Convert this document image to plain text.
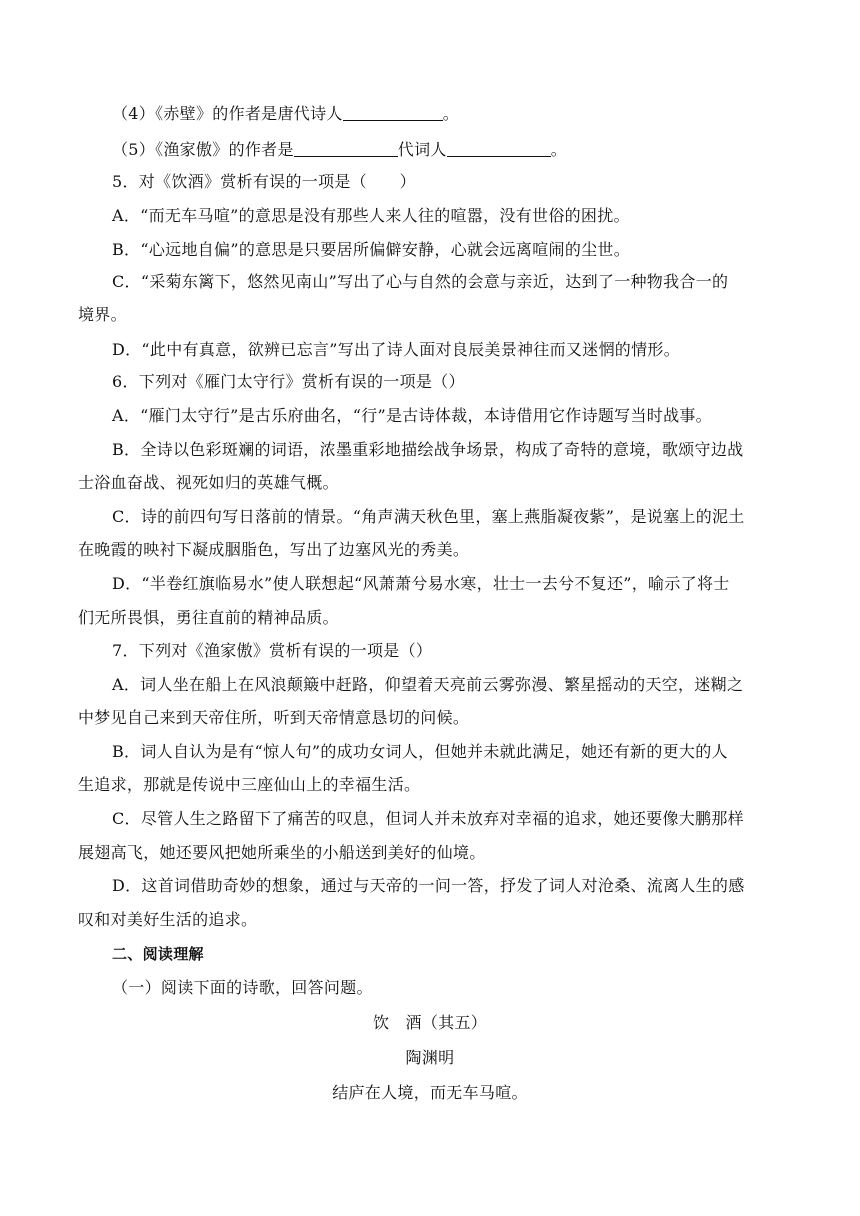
（4）《赤壁》的作者是唐代诗人	。
（5）《渔家傲》的作者是	代词人	。
5．对《饮酒》赏析有误的一项是（　　）
A．“而无车马喧”的意思是没有那些人来人往的喧嚣，没有世俗的困扰。
B．“心远地自偏”的意思是只要居所偏僻安静，心就会远离喧闹的尘世。
C．“采菊东篱下，悠然见南山”写出了心与自然的会意与亲近，达到了一种物我合一的
境界。
D．“此中有真意，欲辨已忘言”写出了诗人面对良辰美景神往而又迷惘的情形。
6．下列对《雁门太守行》赏析有误的一项是（）
A．“雁门太守行”是古乐府曲名，“行”是古诗体裁，本诗借用它作诗题写当时战事。
B．全诗以色彩斑斓的词语，浓墨重彩地描绘战争场景，构成了奇特的意境，歌颂守边战
士浴血奋战、视死如归的英雄气概。
C．诗的前四句写日落前的情景。“角声满天秋色里，塞上燕脂凝夜紫”，是说塞上的泥土
在晚霞的映衬下凝成胭脂色，写出了边塞风光的秀美。
D．“半卷红旗临易水”使人联想起“风萧萧兮易水寒，壮士一去兮不复还”，喻示了将士
们无所畏惧，勇往直前的精神品质。
7．下列对《渔家傲》赏析有误的一项是（）
A．词人坐在船上在风浪颠簸中赶路，仰望着天亮前云雾弥漫、繁星摇动的天空，迷糊之
中梦见自己来到天帝住所，听到天帝情意恳切的问候。
B．词人自认为是有“惊人句”的成功女词人，但她并未就此满足，她还有新的更大的人
生追求，那就是传说中三座仙山上的幸福生活。
C．尽管人生之路留下了痛苦的叹息，但词人并未放弃对幸福的追求，她还要像大鹏那样
展翅高飞，她还要风把她所乘坐的小船送到美好的仙境。
D．这首词借助奇妙的想象，通过与天帝的一问一答，抒发了词人对沧桑、流离人生的感
叹和对美好生活的追求。
二、阅读理解
（一）阅读下面的诗歌，回答问题。
饮　酒（其五）
陶渊明
结庐在人境，而无车马喧。
